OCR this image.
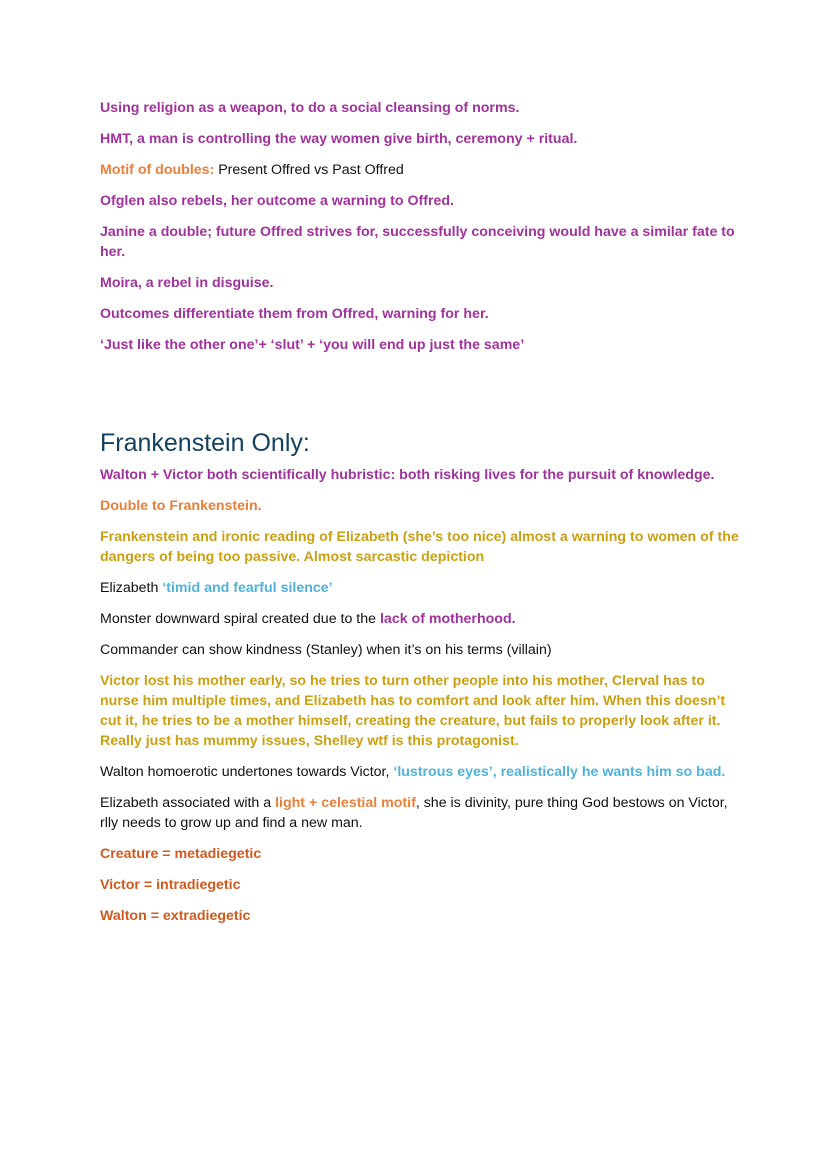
Using religion as a weapon, to do a social cleansing of norms.

HMT, a man is controlling the way women give birth, ceremony + ritual.

Motif of doubles: Present Offred vs Past Offred

Ofglen also rebels, her outcome a warning to Offred.

Janine a double; future Offred strives for, successfully conceiving would have a similar fate to her.

Moira, a rebel in disguise.

Outcomes differentiate them from Offred, warning for her.

‘Just like the other one’+ ‘slut’ + ‘you will end up just the same’

Frankenstein Only:

Walton + Victor both scientifically hubristic: both risking lives for the pursuit of knowledge.

Double to Frankenstein.

Frankenstein and ironic reading of Elizabeth (she’s too nice) almost a warning to women of the dangers of being too passive. Almost sarcastic depiction

Elizabeth ‘timid and fearful silence’

Monster downward spiral created due to the lack of motherhood.

Commander can show kindness (Stanley) when it’s on his terms (villain)

Victor lost his mother early, so he tries to turn other people into his mother, Clerval has to nurse him multiple times, and Elizabeth has to comfort and look after him. When this doesn’t cut it, he tries to be a mother himself, creating the creature, but fails to properly look after it. Really just has mummy issues, Shelley wtf is this protagonist.

Walton homoerotic undertones towards Victor, ‘lustrous eyes’, realistically he wants him so bad.

Elizabeth associated with a light + celestial motif, she is divinity, pure thing God bestows on Victor, rlly needs to grow up and find a new man.

Creature = metadiegetic

Victor = intradiegetic

Walton = extradiegetic
